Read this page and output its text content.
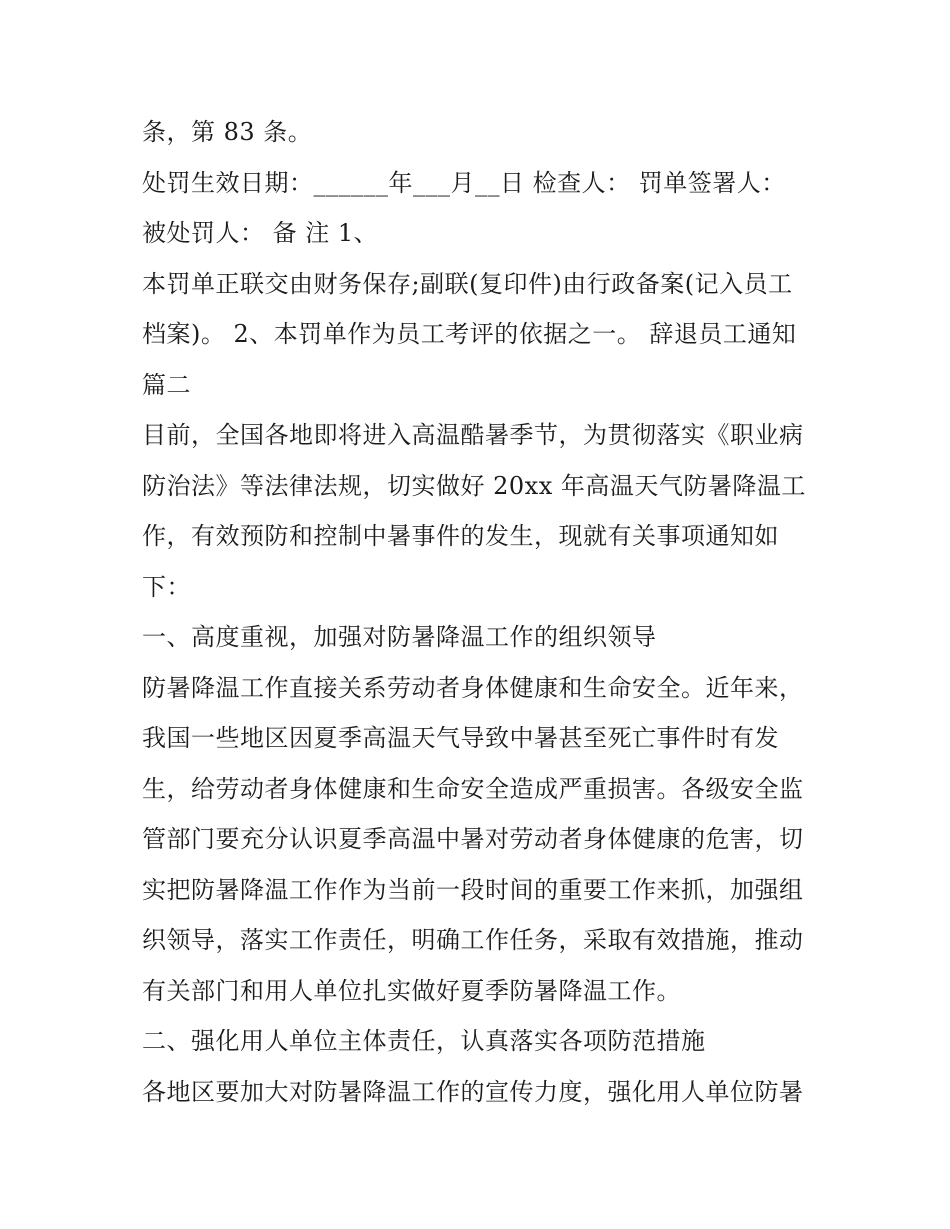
条，第 83 条。
处罚生效日期：______年___月__日 检查人： 罚单签署人：
被处罚人： 备 注 1、
本罚单正联交由财务保存;副联(复印件)由行政备案(记入员工
档案)。 2、本罚单作为员工考评的依据之一。 辞退员工通知
篇二
目前，全国各地即将进入高温酷暑季节，为贯彻落实《职业病
防治法》等法律法规，切实做好 20xx 年高温天气防暑降温工
作，有效预防和控制中暑事件的发生，现就有关事项通知如
下：
一、高度重视，加强对防暑降温工作的组织领导
防暑降温工作直接关系劳动者身体健康和生命安全。近年来，
我国一些地区因夏季高温天气导致中暑甚至死亡事件时有发
生，给劳动者身体健康和生命安全造成严重损害。各级安全监
管部门要充分认识夏季高温中暑对劳动者身体健康的危害，切
实把防暑降温工作作为当前一段时间的重要工作来抓，加强组
织领导，落实工作责任，明确工作任务，采取有效措施，推动
有关部门和用人单位扎实做好夏季防暑降温工作。
二、强化用人单位主体责任，认真落实各项防范措施
各地区要加大对防暑降温工作的宣传力度，强化用人单位防暑
